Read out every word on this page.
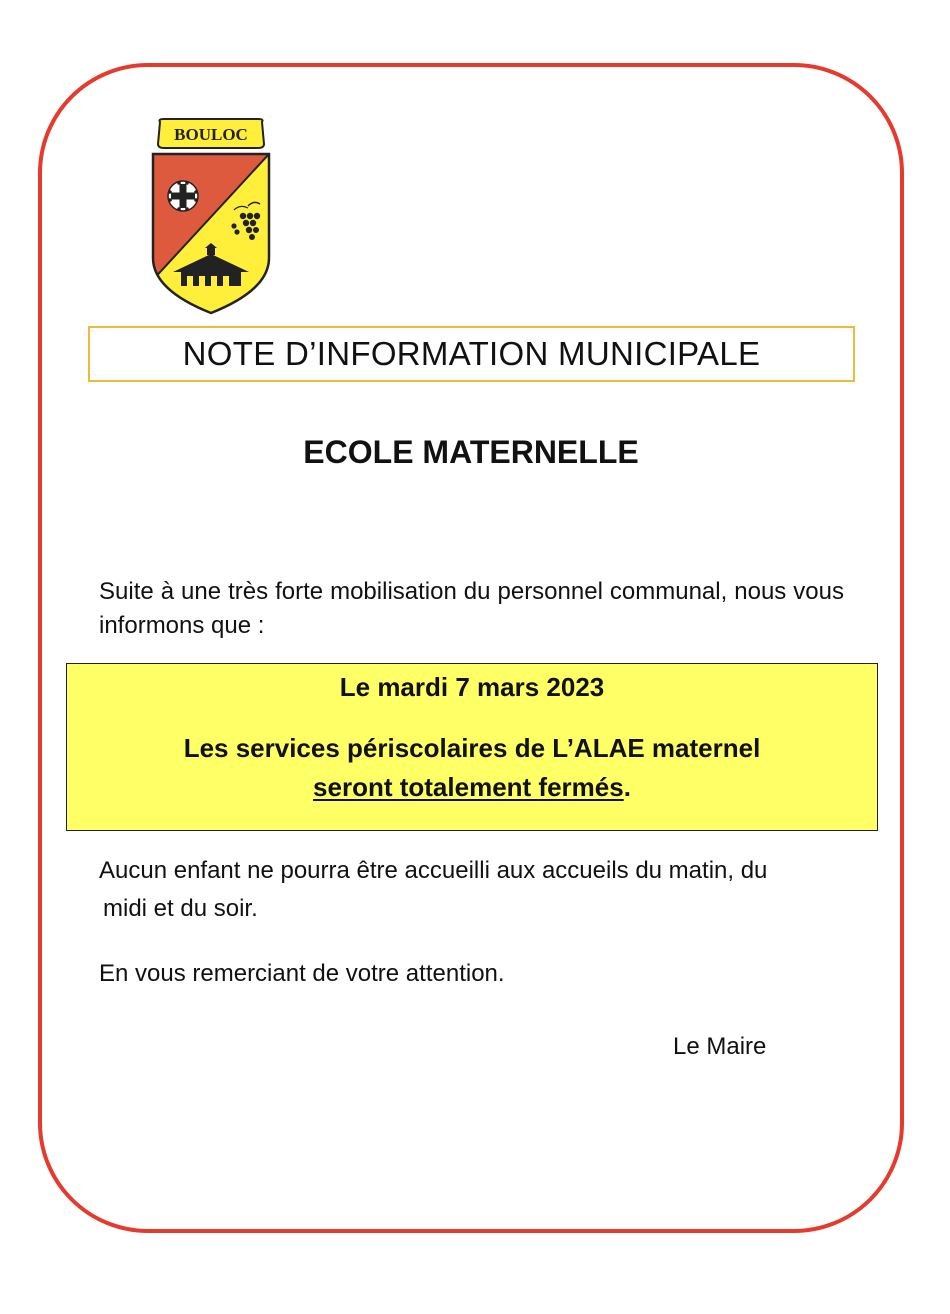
BOULOC
NOTE D’INFORMATION MUNICIPALE
ECOLE MATERNELLE
Suite à une très forte mobilisation du personnel communal, nous vous informons que :
Le mardi 7 mars 2023
Les services périscolaires de L’ALAE maternel
seront totalement fermés.
Aucun enfant ne pourra être accueilli aux accueils du matin, du
midi et du soir.
En vous remerciant de votre attention.
Le Maire
